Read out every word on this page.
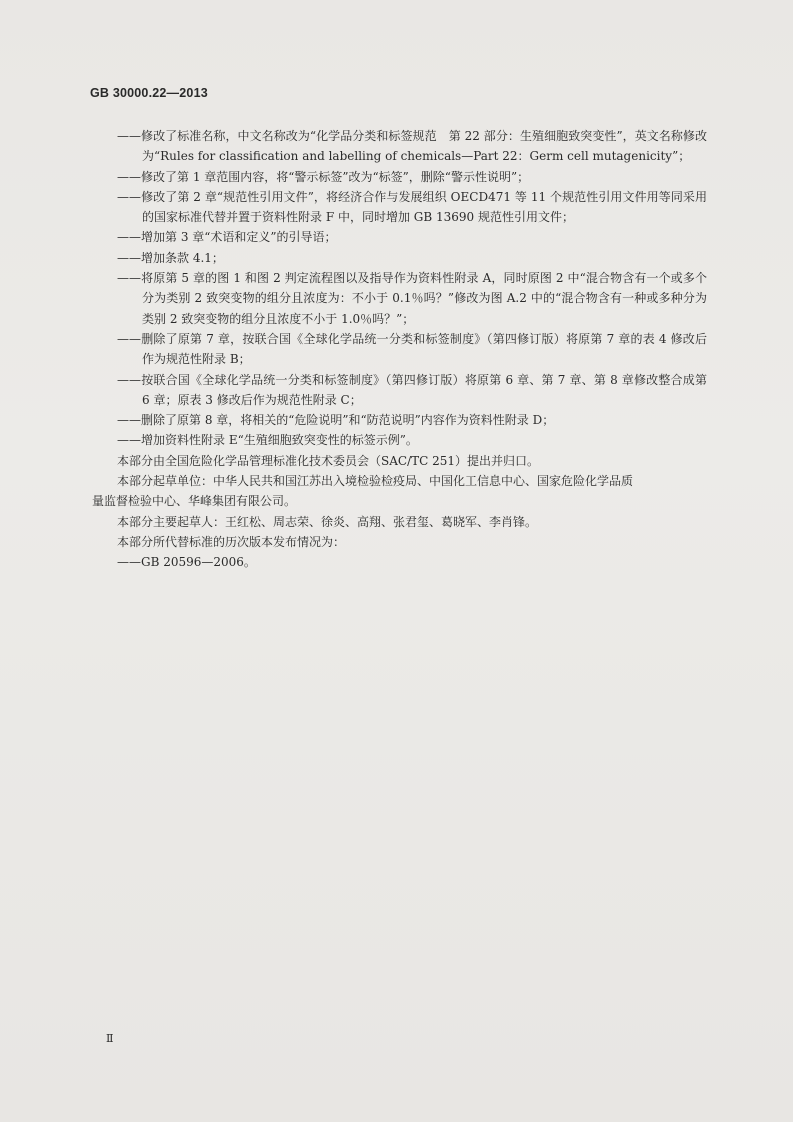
GB 30000.22—2013

——修改了标准名称，中文名称改为“化学品分类和标签规范　第 22 部分：生殖细胞致突变性”，英文名称修改为“Rules for classification and labelling of chemicals—Part 22：Germ cell mutagenicity”；

——修改了第 1 章范围内容，将“警示标签”改为“标签”，删除“警示性说明”；

——修改了第 2 章“规范性引用文件”，将经济合作与发展组织 OECD471 等 11 个规范性引用文件用等同采用的国家标准代替并置于资料性附录 F 中，同时增加 GB 13690 规范性引用文件；

——增加第 3 章“术语和定义”的引导语；

——增加条款 4.1；

——将原第 5 章的图 1 和图 2 判定流程图以及指导作为资料性附录 A，同时原图 2 中“混合物含有一个或多个分为类别 2 致突变物的组分且浓度为：不小于 0.1％吗？”修改为图 A.2 中的“混合物含有一种或多种分为类别 2 致突变物的组分且浓度不小于 1.0％吗？”；

——删除了原第 7 章，按联合国《全球化学品统一分类和标签制度》（第四修订版）将原第 7 章的表 4 修改后作为规范性附录 B；

——按联合国《全球化学品统一分类和标签制度》（第四修订版）将原第 6 章、第 7 章、第 8 章修改整合成第 6 章；原表 3 修改后作为规范性附录 C；

——删除了原第 8 章，将相关的“危险说明”和“防范说明”内容作为资料性附录 D；

——增加资料性附录 E“生殖细胞致突变性的标签示例”。

本部分由全国危险化学品管理标准化技术委员会（SAC/TC 251）提出并归口。

本部分起草单位：中华人民共和国江苏出入境检验检疫局、中国化工信息中心、国家危险化学品质

量监督检验中心、华峰集团有限公司。

本部分主要起草人：王红松、周志荣、徐炎、高翔、张君玺、葛晓军、李肖锋。

本部分所代替标准的历次版本发布情况为：

——GB 20596—2006。

Ⅱ
